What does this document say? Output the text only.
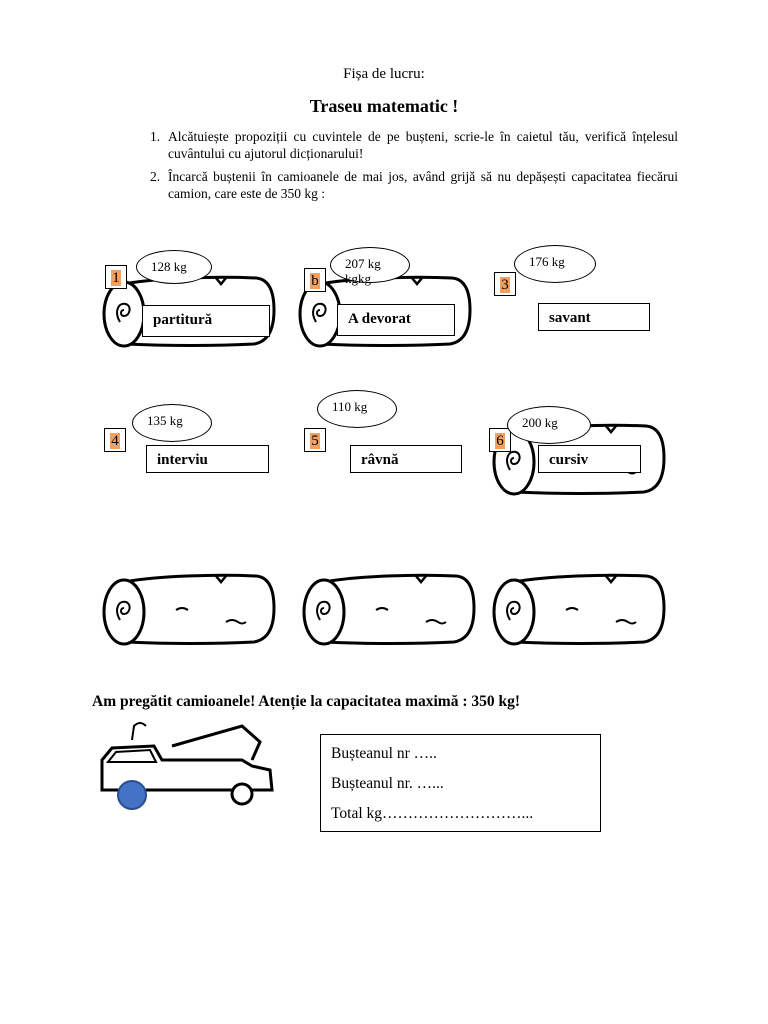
Fișa de lucru:
Traseu matematic !
1. Alcătuiește propoziții cu cuvintele de pe bușteni, scrie-le în caietul tău, verifică înțelesul cuvântului cu ajutorul dicționarului!
2. Încarcă buștenii în camioanele de mai jos, având grijă să nu depășești capacitatea fiecărui camion, care este de 350 kg :
1
128 kg
partitură
b
207 kg kgkg
A devorat
3
176 kg
savant
4
135 kg
interviu
5
110 kg
râvnă
6
200 kg
cursiv
Am pregătit camioanele! Atenție la capacitatea maximă : 350 kg!
Bușteanul nr …..
Bușteanul nr. …...
Total kg………………………...
